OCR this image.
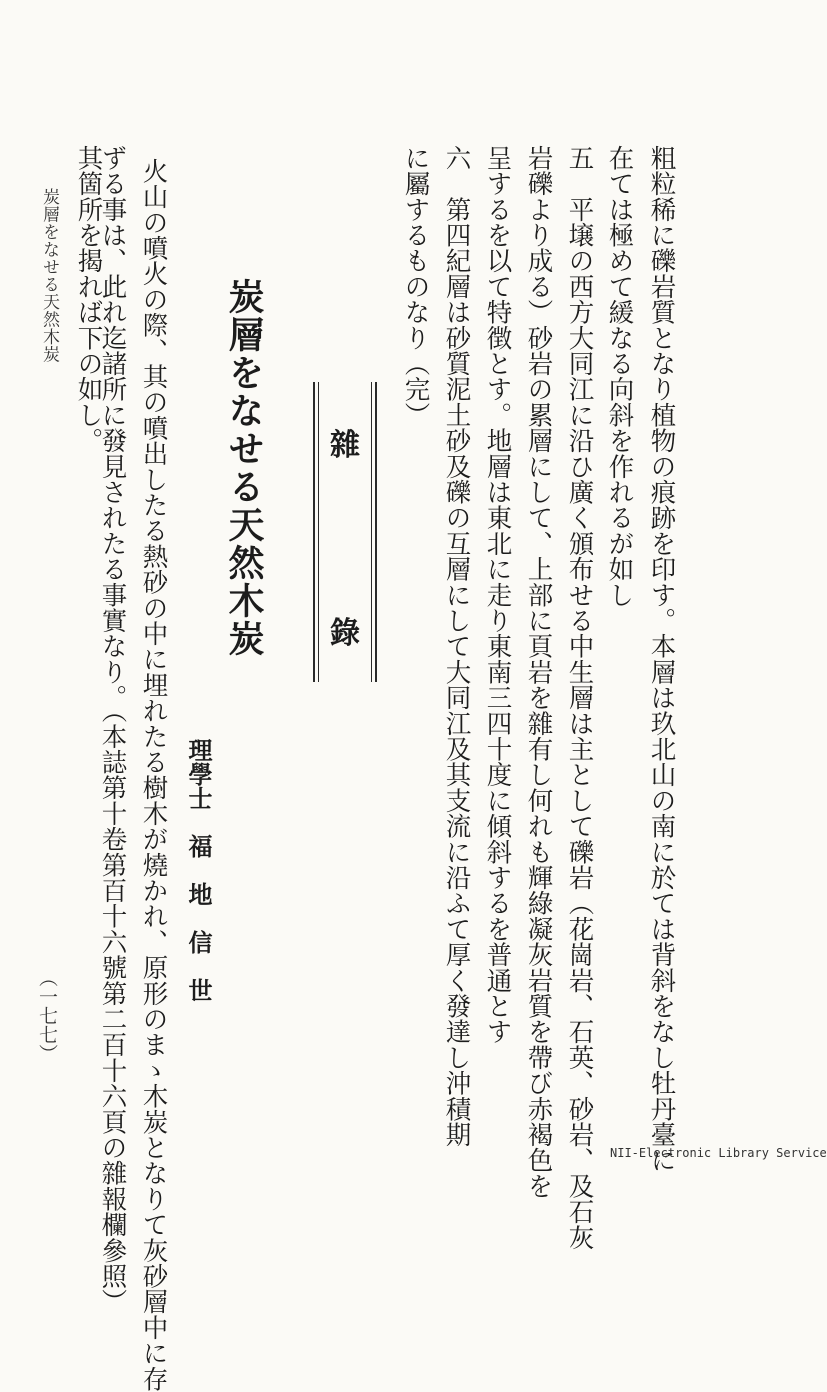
粗粒稀に礫岩質となり植物の痕跡を印す。本層は玖北山の南に於ては背斜をなし牡丹臺に
在ては極めて緩なる向斜を作れるが如し
五　平壌の西方大同江に沿ひ廣く頒布せる中生層は主として礫岩（花崗岩、石英、砂岩、及石灰
岩礫より成る）砂岩の累層にして、上部に頁岩を雜有し何れも輝綠凝灰岩質を帶び赤褐色を
呈するを以て特徴とす。地層は東北に走り東南三四十度に傾斜するを普通とす
六　第四紀層は砂質泥土砂及礫の互層にして大同江及其支流に沿ふて厚く發達し沖積期
に屬するものなり（完）
雜
錄
炭層をなせる天然木炭
理學士　福　地　信　世
火山の噴火の際、其の噴出したる熱砂の中に埋れたる樹木が燒かれ、原形のまゝ木炭となりて灰砂層中に存
ずる事は、此れ迄諸所に發見されたる事實なり。（本誌第十卷第百十六號第二百十六頁の雜報欄參照）
其箇所を揭れば下の如し。
炭層をなせる天然木炭
（一七七）
NII-Electronic Library Service
